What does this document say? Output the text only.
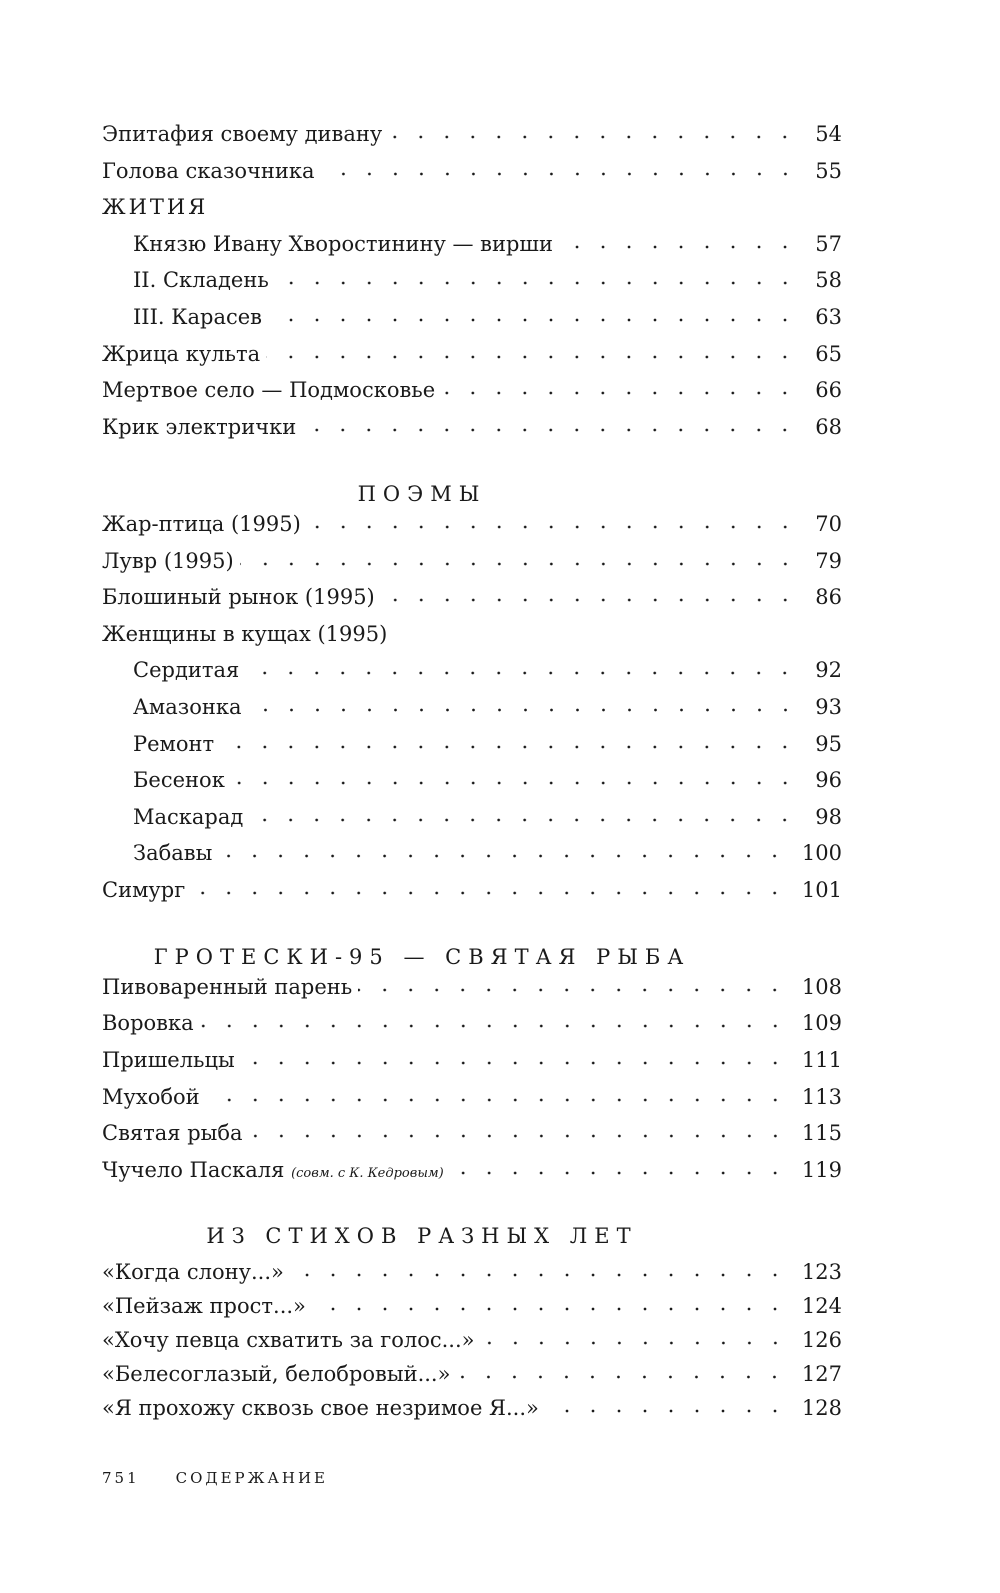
Эпитафия своему дивану	54
Голова сказочника	55
ЖИТИЯ
Князю Ивану Хворостинину — вирши	57
II. Складень	58
III. Карасев	63
Жрица культа	65
Мертвое село — Подмосковье	66
Крик электрички	68
ПОЭМЫ
Жар-птица (1995)	70
Лувр (1995)	79
Блошиный рынок (1995)	86
Женщины в кущах (1995)
Сердитая	92
Амазонка	93
Ремонт	95
Бесенок	96
Маскарад	98
Забавы	100
Симург	101
ГРОТЕСКИ-95 — СВЯТАЯ РЫБА
Пивоваренный парень	108
Воровка	109
Пришельцы	111
Мухобой	113
Святая рыба	115
Чучело Паскаля (совм. с К. Кедровым)	119
ИЗ СТИХОВ РАЗНЫХ ЛЕТ
«Когда слону...»	123
«Пейзаж прост...»	124
«Хочу певца схватить за голос...»	126
«Белесоглазый, белобровый...»	127
«Я прохожу сквозь свое незримое Я...»	128
751 СОДЕРЖАНИЕ
